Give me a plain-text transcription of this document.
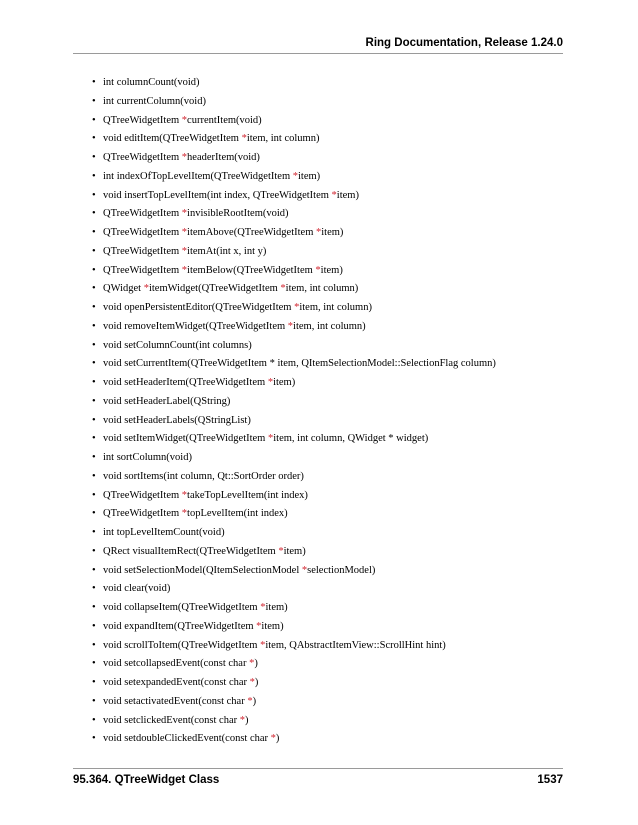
Ring Documentation, Release 1.24.0
• int columnCount(void)
• int currentColumn(void)
• QTreeWidgetItem *currentItem(void)
• void editItem(QTreeWidgetItem *item, int column)
• QTreeWidgetItem *headerItem(void)
• int indexOfTopLevelItem(QTreeWidgetItem *item)
• void insertTopLevelItem(int index, QTreeWidgetItem *item)
• QTreeWidgetItem *invisibleRootItem(void)
• QTreeWidgetItem *itemAbove(QTreeWidgetItem *item)
• QTreeWidgetItem *itemAt(int x, int y)
• QTreeWidgetItem *itemBelow(QTreeWidgetItem *item)
• QWidget *itemWidget(QTreeWidgetItem *item, int column)
• void openPersistentEditor(QTreeWidgetItem *item, int column)
• void removeItemWidget(QTreeWidgetItem *item, int column)
• void setColumnCount(int columns)
• void setCurrentItem(QTreeWidgetItem * item, QItemSelectionModel::SelectionFlag column)
• void setHeaderItem(QTreeWidgetItem *item)
• void setHeaderLabel(QString)
• void setHeaderLabels(QStringList)
• void setItemWidget(QTreeWidgetItem *item, int column, QWidget * widget)
• int sortColumn(void)
• void sortItems(int column, Qt::SortOrder order)
• QTreeWidgetItem *takeTopLevelItem(int index)
• QTreeWidgetItem *topLevelItem(int index)
• int topLevelItemCount(void)
• QRect visualItemRect(QTreeWidgetItem *item)
• void setSelectionModel(QItemSelectionModel *selectionModel)
• void clear(void)
• void collapseItem(QTreeWidgetItem *item)
• void expandItem(QTreeWidgetItem *item)
• void scrollToItem(QTreeWidgetItem *item, QAbstractItemView::ScrollHint hint)
• void setcollapsedEvent(const char *)
• void setexpandedEvent(const char *)
• void setactivatedEvent(const char *)
• void setclickedEvent(const char *)
• void setdoubleClickedEvent(const char *)
95.364. QTreeWidget Class	1537
